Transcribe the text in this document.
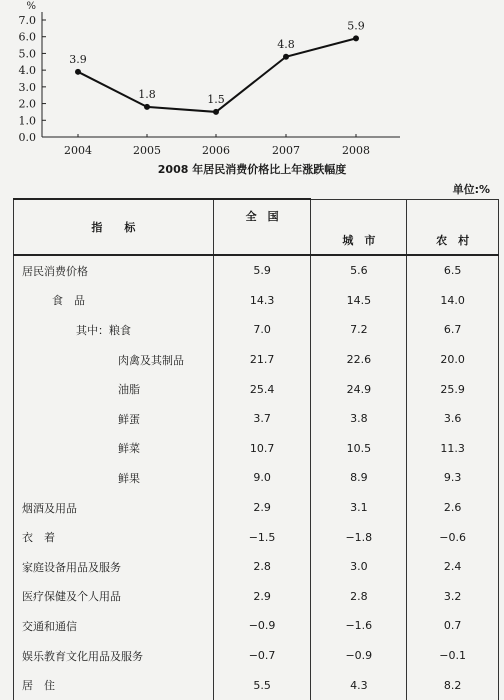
0.0
1.0
2.0
3.0
4.0
5.0
6.0
7.0
%
2004	2005	2006	2007	2008
3.9
1.8	1.5
4.8
5.9
2008 年居民消费价格比上年涨跌幅度
单位:%
指　　标	全　国	城　市	农　村
居民消费价格	5.9	5.6	6.5
食　品	14.3	14.5	14.0
其中：粮食	7.0	7.2	6.7
肉禽及其制品	21.7	22.6	20.0
油脂	25.4	24.9	25.9
鲜蛋	3.7	3.8	3.6
鲜菜	10.7	10.5	11.3
鲜果	9.0	8.9	9.3
烟酒及用品	2.9	3.1	2.6
衣　着	−1.5	−1.8	−0.6
家庭设备用品及服务	2.8	3.0	2.4
医疗保健及个人用品	2.9	2.8	3.2
交通和通信	−0.9	−1.6	0.7
娱乐教育文化用品及服务	−0.7	−0.9	−0.1
居　住	5.5	4.3	8.2
